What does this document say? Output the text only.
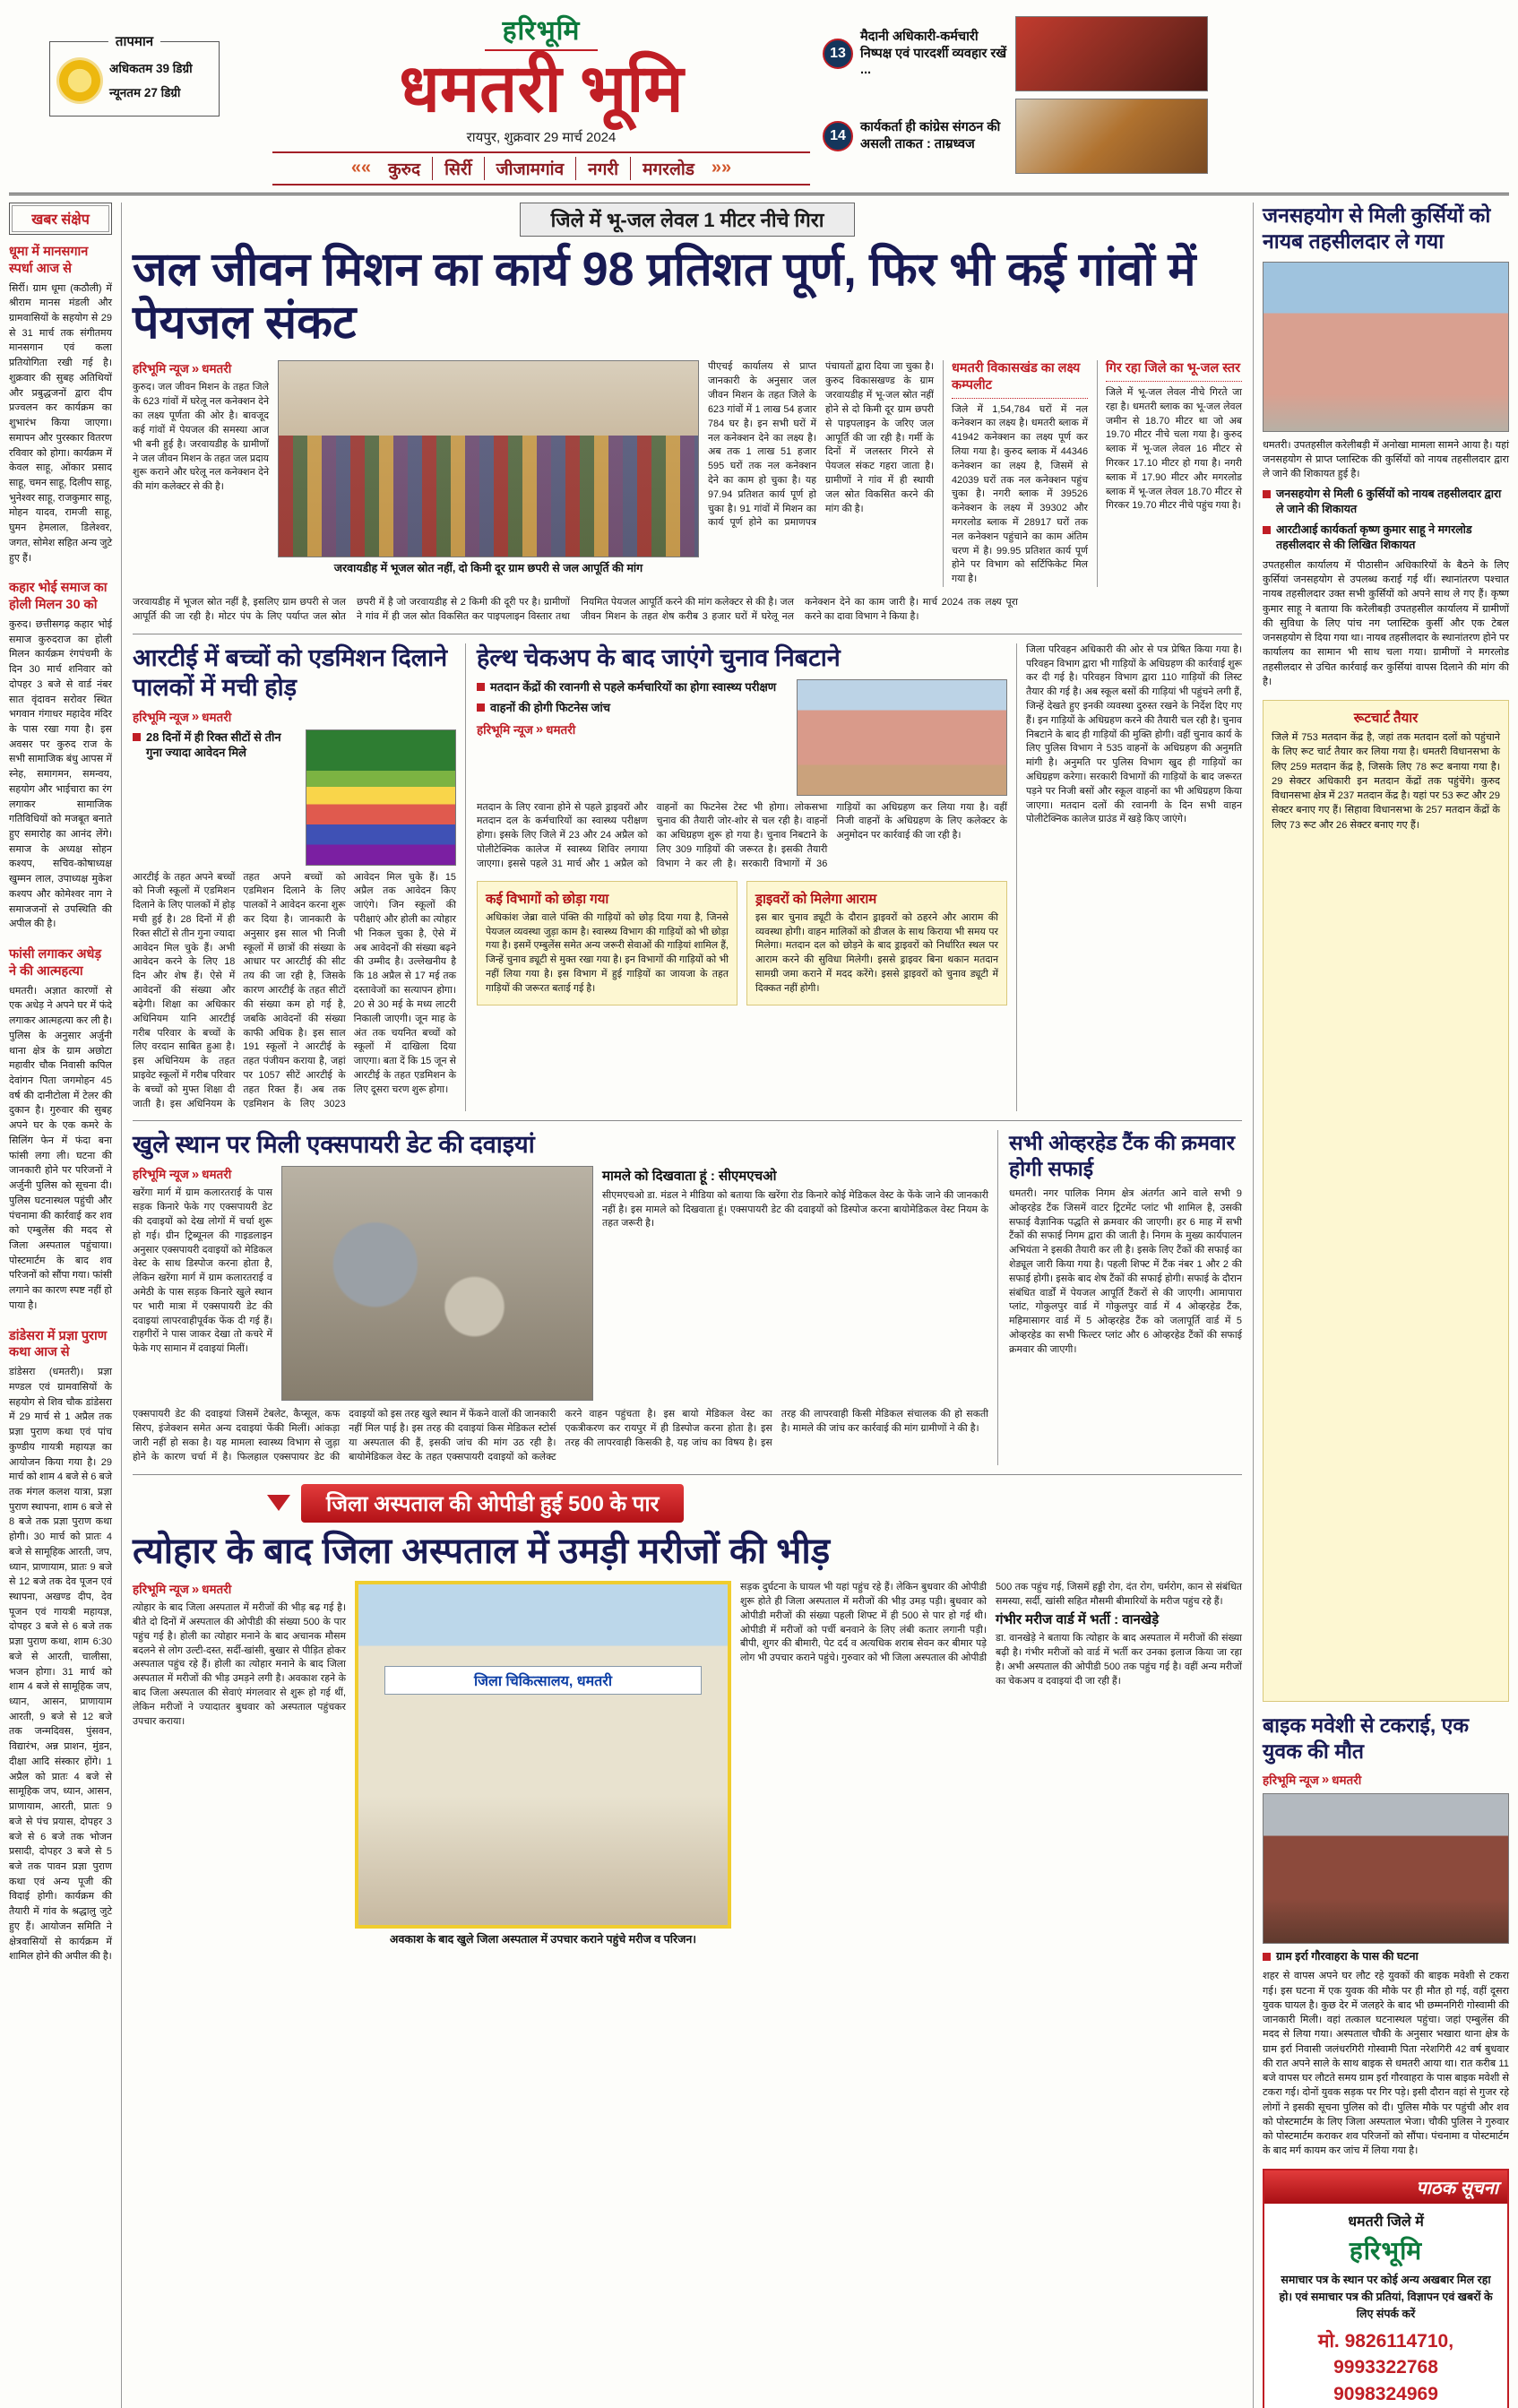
तापमान
अधिकतम 39 डिग्री
न्यूनतम 27 डिग्री
हरिभूमि
धमतरी भूमि
रायपुर, शुक्रवार 29 मार्च 2024
««
कुरुद	सिर्री	जीजामगांव	नगरी	मगरलोड
»»
13
मैदानी अधिकारी-कर्मचारी निष्पक्ष एवं पारदर्शी व्यवहार रखें ...
14
कार्यकर्ता ही कांग्रेस संगठन की असली ताकत : ताम्रध्वज
खबर संक्षेप
धूमा में मानसगान स्पर्धा आज से

सिर्री। ग्राम धूमा (कठौली) में श्रीराम मानस मंडली और ग्रामवासियों के सहयोग से 29 से 31 मार्च तक संगीतमय मानसगान एवं कला प्रतियोगिता रखी गई है। शुक्रवार की सुबह अतिथियों और प्रबुद्धजनों द्वारा दीप प्रज्वलन कर कार्यक्रम का शुभारंभ किया जाएगा। समापन और पुरस्कार वितरण रविवार को होगा। कार्यक्रम में केवल साहू, ओंकार प्रसाद साहू, चमन साहू, दिलीप साहू, भुनेश्वर साहू, राजकुमार साहू, मोहन यादव, रामजी साहू, घुमन हेमलाल, डिलेश्वर, जगत, सोमेश सहित अन्य जुटे हुए हैं।

कहार भोई समाज का होली मिलन 30 को

कुरुद। छत्तीसगढ़ कहार भोई समाज कुरुदराज का होली मिलन कार्यक्रम रंगपंचमी के दिन 30 मार्च शनिवार को दोपहर 3 बजे से वार्ड नंबर सात वृंदावन सरोवर स्थित भगवान गंगाधर महादेव मंदिर के पास रखा गया है। इस अवसर पर कुरुद राज के सभी सामाजिक बंधु आपस में स्नेह, समागमन, समन्वय, सहयोग और भाईचारा का रंग लगाकर सामाजिक गतिविधियों को मजबूत बनाते हुए समारोह का आनंद लेंगे। समाज के अध्यक्ष सोहन कश्यप, सचिव-कोषाध्यक्ष खुम्मन लाल, उपाध्यक्ष मुकेश कश्यप और कोमेश्वर नाग ने समाजजनों से उपस्थिति की अपील की है।

फांसी लगाकर अधेड़ ने की आत्महत्या

धमतरी। अज्ञात कारणों से एक अधेड़ ने अपने घर में फंदे लगाकर आत्महत्या कर ली है। पुलिस के अनुसार अर्जुनी थाना क्षेत्र के ग्राम अछोटा महावीर चौक निवासी कपिल देवांगन पिता जगमोहन 45 वर्ष की दानीटोला में टेलर की दुकान है। गुरुवार की सुबह अपने घर के एक कमरे के सिलिंग फेन में फंदा बना फांसी लगा ली। घटना की जानकारी होने पर परिजनों ने अर्जुनी पुलिस को सूचना दी। पुलिस घटनास्थल पहुंची और पंचनामा की कार्रवाई कर शव को एम्बुलेंस की मदद से जिला अस्पताल पहुंचाया। पोस्टमार्टम के बाद शव परिजनों को सौंपा गया। फांसी लगाने का कारण स्पष्ट नहीं हो पाया है।

डांडेसरा में प्रज्ञा पुराण कथा आज से

डांडेसरा (धमतरी)। प्रज्ञा मण्डल एवं ग्रामवासियों के सहयोग से शिव चौक डांडेसरा में 29 मार्च से 1 अप्रैल तक प्रज्ञा पुराण कथा एवं पांच कुण्डीय गायत्री महायज्ञ का आयोजन किया गया है। 29 मार्च को शाम 4 बजे से 6 बजे तक मंगल कलश यात्रा, प्रज्ञा पुराण स्थापना, शाम 6 बजे से 8 बजे तक प्रज्ञा पुराण कथा होगी। 30 मार्च को प्रातः 4 बजे से सामूहिक आरती, जप, ध्यान, प्राणायाम, प्रातः 9 बजे से 12 बजे तक देव पूजन एवं स्थापना, अखण्ड दीप, देव पूजन एवं गायत्री महायज्ञ, दोपहर 3 बजे से 6 बजे तक प्रज्ञा पुराण कथा, शाम 6:30 बजे से आरती, चालीसा, भजन होगा। 31 मार्च को शाम 4 बजे से सामूहिक जप, ध्यान, आसन, प्राणायाम आरती, 9 बजे से 12 बजे तक जन्मदिवस, पुंसवन, विद्यारंभ, अन्न प्राशन, मुंडन, दीक्षा आदि संस्कार होंगे। 1 अप्रैल को प्रातः 4 बजे से सामूहिक जप, ध्यान, आसन, प्राणायाम, आरती, प्रातः 9 बजे से पंच प्रयास, दोपहर 3 बजे से 6 बजे तक भोजन प्रसादी, दोपहर 3 बजे से 5 बजे तक पावन प्रज्ञा पुराण कथा एवं अन्य पूजी की विदाई होगी। कार्यक्रम की तैयारी में गांव के श्रद्धालु जुटे हुए हैं। आयोजन समिति ने क्षेत्रवासियों से कार्यक्रम में शामिल होने की अपील की है।

जिले में भू-जल लेवल 1 मीटर नीचे गिरा
जल जीवन मिशन का कार्य 98 प्रतिशत पूर्ण, फिर भी कई गांवों में पेयजल संकट
हरिभूमि न्यूज » धमतरी

कुरुद। जल जीवन मिशन के तहत जिले के 623 गांवों में घरेलू नल कनेक्शन देने का लक्ष्य पूर्णता की ओर है। बावजूद कई गांवों में पेयजल की समस्या आज भी बनी हुई है। जरवायडीह के ग्रामीणों ने जल जीवन मिशन के तहत जल प्रदाय शुरू कराने और घरेलू नल कनेक्शन देने की मांग कलेक्टर से की है।

जरवायडीह में भूजल स्रोत नहीं, दो किमी दूर ग्राम छपरी से जल आपूर्ति की मांग
पीएचई कार्यालय से प्राप्त जानकारी के अनुसार जल जीवन मिशन के तहत जिले के 623 गांवों में 1 लाख 54 हजार 784 घर है। इन सभी घरों में नल कनेक्शन देने का लक्ष्य है। अब तक 1 लाख 51 हजार 595 घरों तक नल कनेक्शन देने का काम हो चुका है। यह 97.94 प्रतिशत कार्य पूर्ण हो चुका है। 91 गांवों में मिशन का कार्य पूर्ण होने का प्रमाणपत्र पंचायतों द्वारा दिया जा चुका है। कुरुद विकासखण्ड के ग्राम जरवायडीह में भू-जल स्रोत नहीं होने से दो किमी दूर ग्राम छपरी से पाइपलाइन के जरिए जल आपूर्ति की जा रही है। गर्मी के दिनों में जलस्तर गिरने से पेयजल संकट गहरा जाता है। ग्रामीणों ने गांव में ही स्थायी जल स्रोत विकसित करने की मांग की है।
धमतरी विकासखंड का लक्ष्य कम्पलीट

जिले में 1,54,784 घरों में नल कनेक्शन का लक्ष्य है। धमतरी ब्लाक में 41942 कनेक्शन का लक्ष्य पूर्ण कर लिया गया है। कुरुद ब्लाक में 44346 कनेक्शन का लक्ष्य है, जिसमें से 42039 घरों तक नल कनेक्शन पहुंच चुका है। नगरी ब्लाक में 39526 कनेक्शन के लक्ष्य में 39302 और मगरलोड ब्लाक में 28917 घरों तक नल कनेक्शन पहुंचाने का काम अंतिम चरण में है। 99.95 प्रतिशत कार्य पूर्ण होने पर विभाग को सर्टिफिकेट मिल गया है।

गिर रहा जिले का भू-जल स्तर

जिले में भू-जल लेवल नीचे गिरते जा रहा है। धमतरी ब्लाक का भू-जल लेवल जमीन से 18.70 मीटर था जो अब 19.70 मीटर नीचे चला गया है। कुरुद ब्लाक में भू-जल लेवल 16 मीटर से गिरकर 17.10 मीटर हो गया है। नगरी ब्लाक में 17.90 मीटर और मगरलोड ब्लाक में भू-जल लेवल 18.70 मीटर से गिरकर 19.70 मीटर नीचे पहुंच गया है।

जरवायडीह में भूजल स्रोत नहीं है, इसलिए ग्राम छपरी से जल आपूर्ति की जा रही है। मोटर पंप के लिए पर्याप्त जल स्रोत छपरी में है जो जरवायडीह से 2 किमी की दूरी पर है। ग्रामीणों ने गांव में ही जल स्रोत विकसित कर पाइपलाइन विस्तार तथा नियमित पेयजल आपूर्ति करने की मांग कलेक्टर से की है। जल जीवन मिशन के तहत शेष करीब 3 हजार घरों में घरेलू नल कनेक्शन देने का काम जारी है। मार्च 2024 तक लक्ष्य पूरा करने का दावा विभाग ने किया है।

आरटीई में बच्चों को एडमिशन दिलाने पालकों में मची होड़
हरिभूमि न्यूज » धमतरी
28 दिनों में ही रिक्त सीटों से तीन गुना ज्यादा आवेदन मिले
आरटीई के तहत अपने बच्चों को निजी स्कूलों में एडमिशन दिलाने के लिए पालकों में होड़ मची हुई है। 28 दिनों में ही रिक्त सीटों से तीन गुना ज्यादा आवेदन मिल चुके हैं। अभी आवेदन करने के लिए 18 दिन और शेष हैं। ऐसे में आवेदनों की संख्या और बढ़ेगी। शिक्षा का अधिकार अधिनियम यानि आरटीई गरीब परिवार के बच्चों के लिए वरदान साबित हुआ है। इस अधिनियम के तहत प्राइवेट स्कूलों में गरीब परिवार के बच्चों को मुफ्त शिक्षा दी जाती है। इस अधिनियम के तहत अपने बच्चों को एडमिशन दिलाने के लिए पालकों ने आवेदन करना शुरू कर दिया है। जानकारी के अनुसार इस साल भी निजी स्कूलों में छात्रों की संख्या के आधार पर आरटीई की सीट तय की जा रही है, जिसके कारण आरटीई के तहत सीटों की संख्या कम हो गई है, जबकि आवेदनों की संख्या काफी अधिक है। इस साल 191 स्कूलों ने आरटीई के तहत पंजीयन कराया है, जहां पर 1057 सीटें आरटीई के तहत रिक्त हैं। अब तक एडमिशन के लिए 3023 आवेदन मिल चुके हैं। 15 अप्रैल तक आवेदन किए जाएंगे। जिन स्कूलों की परीक्षाएं और होली का त्योहार भी निकल चुका है, ऐसे में अब आवेदनों की संख्या बढ़ने की उम्मीद है। उल्लेखनीय है कि 18 अप्रैल से 17 मई तक दस्तावेजों का सत्यापन होगा। 20 से 30 मई के मध्य लाटरी निकाली जाएगी। जून माह के अंत तक चयनित बच्चों को स्कूलों में दाखिला दिया जाएगा। बता दें कि 15 जून से आरटीई के तहत एडमिशन के लिए दूसरा चरण शुरू होगा।
हेल्थ चेकअप के बाद जाएंगे चुनाव निबटाने
मतदान केंद्रों की रवानगी से पहले कर्मचारियों का होगा स्वास्थ्य परीक्षण
वाहनों की होगी फिटनेस जांच
हरिभूमि न्यूज » धमतरी
मतदान के लिए रवाना होने से पहले ड्राइवरों और मतदान दल के कर्मचारियों का स्वास्थ्य परीक्षण होगा। इसके लिए जिले में 23 और 24 अप्रैल को पोलीटेक्निक कालेज में स्वास्थ्य शिविर लगाया जाएगा। इससे पहले 31 मार्च और 1 अप्रैल को वाहनों का फिटनेस टेस्ट भी होगा। लोकसभा चुनाव की तैयारी जोर-शोर से चल रही है। वाहनों का अधिग्रहण शुरू हो गया है। चुनाव निबटाने के लिए 309 गाड़ियों की जरूरत है। इसकी तैयारी विभाग ने कर ली है। सरकारी विभागों में 36 गाड़ियों का अधिग्रहण कर लिया गया है। वहीं निजी वाहनों के अधिग्रहण के लिए कलेक्टर के अनुमोदन पर कार्रवाई की जा रही है।
कई विभागों को छोड़ा गया

अधिकांश जेब्रा वाले पंक्ति की गाड़ियों को छोड़ दिया गया है, जिनसे पेयजल व्यवस्था जुड़ा काम है। स्वास्थ्य विभाग की गाड़ियों को भी छोड़ा गया है। इसमें एम्बुलेंस समेत अन्य जरूरी सेवाओं की गाड़ियां शामिल हैं, जिन्हें चुनाव ड्यूटी से मुक्त रखा गया है। इन विभागों की गाड़ियों को भी नहीं लिया गया है। इस विभाग में हुई गाड़ियों का जायजा के तहत गाड़ियों की जरूरत बताई गई है।

ड्राइवरों को मिलेगा आराम

इस बार चुनाव ड्यूटी के दौरान ड्राइवरों को ठहरने और आराम की व्यवस्था होगी। वाहन मालिकों को डीजल के साथ किराया भी समय पर मिलेगा। मतदान दल को छोड़ने के बाद ड्राइवरों को निर्धारित स्थल पर आराम करने की सुविधा मिलेगी। इससे ड्राइवर बिना थकान मतदान सामग्री जमा कराने में मदद करेंगे। इससे ड्राइवरों को चुनाव ड्यूटी में दिक्कत नहीं होगी।

जिला परिवहन अधिकारी की ओर से पत्र प्रेषित किया गया है। परिवहन विभाग द्वारा भी गाड़ियों के अधिग्रहण की कार्रवाई शुरू कर दी गई है। परिवहन विभाग द्वारा 110 गाड़ियों की लिस्ट तैयार की गई है। अब स्कूल बसों की गाड़ियां भी पहुंचने लगी हैं, जिन्हें देखते हुए इनकी व्यवस्था दुरुस्त रखने के निर्देश दिए गए हैं। इन गाड़ियों के अधिग्रहण करने की तैयारी चल रही है। चुनाव निबटाने के बाद ही गाड़ियों की मुक्ति होगी। वहीं चुनाव कार्य के लिए पुलिस विभाग ने 535 वाहनों के अधिग्रहण की अनुमति मांगी है। अनुमति पर पुलिस विभाग खुद ही गाड़ियों का अधिग्रहण करेगा। सरकारी विभागों की गाड़ियों के बाद जरूरत पड़ने पर निजी बसों और स्कूल वाहनों का भी अधिग्रहण किया जाएगा। मतदान दलों की रवानगी के दिन सभी वाहन पोलीटेक्निक कालेज ग्राउंड में खड़े किए जाएंगे।
खुले स्थान पर मिली एक्सपायरी डेट की दवाइयां
हरिभूमि न्यूज » धमतरी

खरेंगा मार्ग में ग्राम कलारतराई के पास सड़क किनारे फेके गए एक्सपायरी डेट की दवाइयों को देख लोगों में चर्चा शुरू हो गई। ग्रीन ट्रिब्यूनल की गाइडलाइन अनुसार एक्सपायरी दवाइयों को मेडिकल वेस्ट के साथ डिस्पोज करना होता है, लेकिन खरेंगा मार्ग में ग्राम कलारतराई व अमेठी के पास सड़क किनारे खुले स्थान पर भारी मात्रा में एक्सपायरी डेट की दवाइयां लापरवाहीपूर्वक फेंक दी गई हैं। राहगीरों ने पास जाकर देखा तो कचरे में फेके गए सामान में दवाइयां मिलीं।

मामले को दिखवाता हूं : सीएमएचओ

सीएमएचओ डा. मंडल ने मीडिया को बताया कि खरेंगा रोड किनारे कोई मेडिकल वेस्ट के फेंके जाने की जानकारी नहीं है। इस मामले को दिखवाता हूं। एक्सपायरी डेट की दवाइयों को डिस्पोज करना बायोमेडिकल वेस्ट नियम के तहत जरूरी है।

एक्सपायरी डेट की दवाइयां जिसमें टेबलेट, कैप्सूल, कफ सिरप, इंजेक्शन समेत अन्य दवाइयां फेंकी मिलीं। आंकड़ा जारी नहीं हो सका है। यह मामला स्वास्थ्य विभाग से जुड़ा होने के कारण चर्चा में है। फिलहाल एक्सपायर डेट की दवाइयों को इस तरह खुले स्थान में फेंकने वालों की जानकारी नहीं मिल पाई है। इस तरह की दवाइयां किस मेडिकल स्टोर्स या अस्पताल की हैं, इसकी जांच की मांग उठ रही है। बायोमेडिकल वेस्ट के तहत एक्सपायरी दवाइयों को कलेक्ट करने वाहन पहुंचता है। इस बायो मेडिकल वेस्ट का एकत्रीकरण कर रायपुर में ही डिस्पोज करना होता है। इस तरह की लापरवाही किसकी है, यह जांच का विषय है। इस तरह की लापरवाही किसी मेडिकल संचालक की हो सकती है। मामले की जांच कर कार्रवाई की मांग ग्रामीणों ने की है।
सभी ओव्हरहेड टैंक की क्रमवार होगी सफाई

धमतरी। नगर पालिक निगम क्षेत्र अंतर्गत आने वाले सभी 9 ओव्हरहेड टैंक जिसमें वाटर ट्रिटमेंट प्लांट भी शामिल है, उसकी सफाई वैज्ञानिक पद्धति से क्रमवार की जाएगी। हर 6 माह में सभी टैंकों की सफाई निगम द्वारा की जाती है। निगम के मुख्य कार्यपालन अभियंता ने इसकी तैयारी कर ली है। इसके लिए टैंकों की सफाई का शेड्यूल जारी किया गया है। पहली शिफ्ट में टैंक नंबर 1 और 2 की सफाई होगी। इसके बाद शेष टैंकों की सफाई होगी। सफाई के दौरान संबंधित वार्डों में पेयजल आपूर्ति टैंकरों से की जाएगी। आमापारा प्लांट, गोकुलपुर वार्ड में गोकुलपुर वार्ड में 4 ओव्हरहेड टैंक, महिमासागर वार्ड में 5 ओव्हरहेड टैंक को जलापूर्ति वार्ड में 5 ओव्हरहेड का सभी फिल्टर प्लांट और 6 ओव्हरहेड टैंकों की सफाई क्रमवार की जाएगी।

जिला अस्पताल की ओपीडी हुई 500 के पार
त्योहार के बाद जिला अस्पताल में उमड़ी मरीजों की भीड़
हरिभूमि न्यूज » धमतरी

त्योहार के बाद जिला अस्पताल में मरीजों की भीड़ बढ़ गई है। बीते दो दिनों में अस्पताल की ओपीडी की संख्या 500 के पार पहुंच गई है। होली का त्योहार मनाने के बाद अचानक मौसम बदलने से लोग उल्टी-दस्त, सर्दी-खांसी, बुखार से पीड़ित होकर अस्पताल पहुंच रहे हैं। होली का त्योहार मनाने के बाद जिला अस्पताल में मरीजों की भीड़ उमड़ने लगी है। अवकाश रहने के बाद जिला अस्पताल की सेवाएं मंगलवार से शुरू हो गई थीं, लेकिन मरीजों ने ज्यादातर बुधवार को अस्पताल पहुंचकर उपचार कराया।

जिला चिकित्सालय, धमतरी
अवकाश के बाद खुले जिला अस्पताल में उपचार कराने पहुंचे मरीज व परिजन।

सड़क दुर्घटना के घायल भी यहां पहुंच रहे हैं। लेकिन बुधवार की ओपीडी शुरू होते ही जिला अस्पताल में मरीजों की भीड़ उमड़ पड़ी। बुधवार को ओपीडी मरीजों की संख्या पहली शिफ्ट में ही 500 से पार हो गई थी। ओपीडी में मरीजों को पर्ची बनवाने के लिए लंबी कतार लगानी पड़ी। बीपी, शुगर की बीमारी, पेट दर्द व अत्यधिक शराब सेवन कर बीमार पड़े लोग भी उपचार कराने पहुंचे। गुरुवार को भी जिला अस्पताल की ओपीडी 500 तक पहुंच गई, जिसमें हड्डी रोग, दंत रोग, चर्मरोग, कान से संबंधित समस्या, सर्दी, खांसी सहित मौसमी बीमारियों के मरीज पहुंच रहे हैं।

गंभीर मरीज वार्ड में भर्ती : वानखेड़े

डा. वानखेड़े ने बताया कि त्योहार के बाद अस्पताल में मरीजों की संख्या बढ़ी है। गंभीर मरीजों को वार्ड में भर्ती कर उनका इलाज किया जा रहा है। अभी अस्पताल की ओपीडी 500 तक पहुंच गई है। वहीं अन्य मरीजों का चेकअप व दवाइयां दी जा रही हैं।

जनसहयोग से मिली कुर्सियों को नायब तहसीलदार ले गया

धमतरी। उपतहसील करेलीबड़ी में अनोखा मामला सामने आया है। यहां जनसहयोग से प्राप्त प्लास्टिक की कुर्सियों को नायब तहसीलदार द्वारा ले जाने की शिकायत हुई है।

जनसहयोग से मिली 6 कुर्सियों को नायब तहसीलदार द्वारा ले जाने की शिकायत
आरटीआई कार्यकर्ता कृष्ण कुमार साहू ने मगरलोड तहसीलदार से की लिखित शिकायत

उपतहसील कार्यालय में पीठासीन अधिकारियों के बैठने के लिए कुर्सियां जनसहयोग से उपलब्ध कराई गई थीं। स्थानांतरण पश्चात नायब तहसीलदार उक्त सभी कुर्सियों को अपने साथ ले गए हैं। कृष्ण कुमार साहू ने बताया कि करेलीबड़ी उपतहसील कार्यालय में ग्रामीणों की सुविधा के लिए पांच नग प्लास्टिक कुर्सी और एक टेबल जनसहयोग से दिया गया था। नायब तहसीलदार के स्थानांतरण होने पर कार्यालय का सामान भी साथ चला गया। ग्रामीणों ने मगरलोड तहसीलदार से उचित कार्रवाई कर कुर्सियां वापस दिलाने की मांग की है।

रूटचार्ट तैयार

जिले में 753 मतदान केंद्र है, जहां तक मतदान दलों को पहुंचाने के लिए रूट चार्ट तैयार कर लिया गया है। धमतरी विधानसभा के लिए 259 मतदान केंद्र है, जिसके लिए 78 रूट बनाया गया है। 29 सेक्टर अधिकारी इन मतदान केंद्रों तक पहुंचेंगे। कुरुद विधानसभा क्षेत्र में 237 मतदान केंद्र है। यहां पर 53 रूट और 29 सेक्टर बनाए गए हैं। सिहावा विधानसभा के 257 मतदान केंद्रों के लिए 73 रूट और 26 सेक्टर बनाए गए हैं।

बाइक मवेशी से टकराई, एक युवक की मौत
हरिभूमि न्यूज » धमतरी
ग्राम इर्रा गौरवाहरा के पास की घटना

शहर से वापस अपने घर लौट रहे युवकों की बाइक मवेशी से टकरा गई। इस घटना में एक युवक की मौके पर ही मौत हो गई, वहीं दूसरा युवक घायल है। कुछ देर में जलहरे के बाद भी छम्मनगिरी गोस्वामी की जानकारी मिली। वहां तत्काल घटनास्थल पहुंचा। जहां एम्बुलेंस की मदद से लिया गया। अस्पताल चौकी के अनुसार भखारा थाना क्षेत्र के ग्राम इर्रा निवासी जलंधरगिरी गोस्वामी पिता नरेशगिरी 42 वर्ष बुधवार की रात अपने साले के साथ बाइक से धमतरी आया था। रात करीब 11 बजे वापस घर लौटते समय ग्राम इर्रा गौरवाहरा के पास बाइक मवेशी से टकरा गई। दोनों युवक सड़क पर गिर पड़े। इसी दौरान वहां से गुजर रहे लोगों ने इसकी सूचना पुलिस को दी। पुलिस मौके पर पहुंची और शव को पोस्टमार्टम के लिए जिला अस्पताल भेजा। चौकी पुलिस ने गुरुवार को पोस्टमार्टम कराकर शव परिजनों को सौंपा। पंचनामा व पोस्टमार्टम के बाद मर्ग कायम कर जांच में लिया गया है।

पाठक सूचना

धमतरी जिले में

हरिभूमि

समाचार पत्र के स्थान पर कोई अन्य अखबार मिल रहा हो। एवं समाचार पत्र की प्रतियां, विज्ञापन एवं खबरों के लिए संपर्क करें

मो. 9826114710, 9993322768
9098324969
